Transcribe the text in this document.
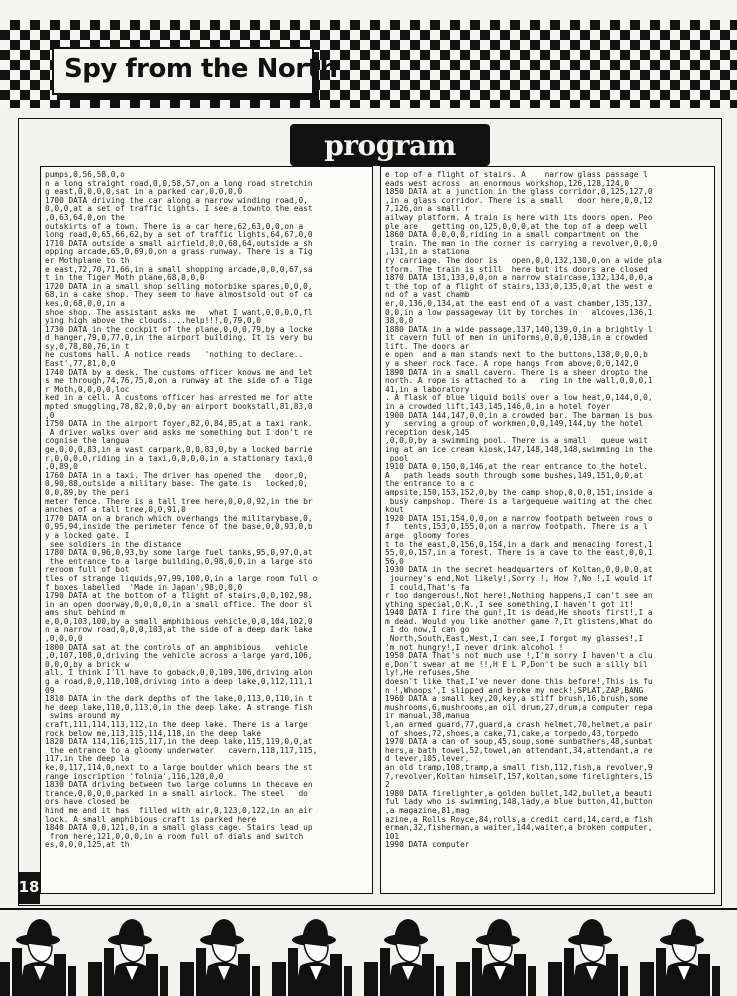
Spy from the North
program
pumps,0,56,58,0,o
n a long straight road,0,0,58,57,on a long road stretchin
g east,0,0,0,0,sat in a parked car,0,0,0,0
1700 DATA driving the car along a narrow winding road,0,
0,0,0,at a set of traffic lights. I see a townto the east
,0,63,64,0,on the
outskirts of a town. There is a car here,62,63,0,0,on a
long road,0,65,66,62,by a set of traffic lights,64,67,0,0
1710 DATA outside a small airfield,0,0,68,64,outside a sh
opping arcade,65,0,69,0,on a grass runway. There is a Tig
er Mothplane to th
e east,72,70,71,66,in a small shopping arcade,0,0,0,67,sa
t in the Tiger Moth plane,68,0,0,0
1720 DATA in a small shop selling motorbike spares,0,0,0,
68,in a cake shop. They seem to have almostsold out of ca
kes,0,68,0,0,in a
shoe shop. The assistant asks me   what I want,0,0,0,0,fl
ying high above the clouds....help!!!,0,79,0,0
1730 DATA in the cockpit of the plane,0,0,0,79,by a locke
d hanger,79,0,77,0,in the airport building. It is very bu
sy,0,78,80,76,in t
he customs hall. A notice reads   'nothing to declare..
East',77,81,0,0
1740 DATA by a desk. The customs officer knows me and let
s me through,74,76,75,0,on a runway at the side of a Tige
r Moth,0,0,0,0,loc
ked in a cell. A customs officer has arrested me for atte
mpted smuggling,78,82,0,0,by an airport bookstall,81,83,0
,0
1750 DATA in the airport foyer,82,0,84,85,at a taxi rank.
A driver walks over and asks me something but I don't re
cognise the langua
ge,0,0,0,83,in a vast carpark,0,0,83,0,by a locked barrie
r,0,0,0,0,riding in a taxi,0,0,0,0,in a stationary taxi,0
,0,89,0
1760 DATA in a taxi. The driver has opened the   door,0,
0,90,88,outside a military base. The gate is   locked,0,
0,0,89,by the peri
meter fence. There is a tall tree here,0,0,0,92,in the br
anches of a tall tree,0,0,91,0
1770 DATA on a branch which overhangs the militarybase,0,
0,95,94,inside the perimeter fence of the base,0,0,93,0,b
y a locked gate. I
see soldiers in the distance
1780 DATA 0,96,0,93,by some large fuel tanks,95,0,97,0,at
the entrance to a large building,0,98,0,0,in a large sto
reroom full of bot
tles of strange liquids,97,99,100,0,in a large room full o
f boxes labelled  'Made in Japan',98,0,0,0
1790 DATA at the bottom of a flight of stairs,0,0,102,98,
in an open doorway,0,0,0,0,in a small office. The door sl
ams shut behind m
e,0,0,103,100,by a small amphibious vehicle,0,0,104,102,0
n a narrow road,0,0,0,103,at the side of a deep dark lake
,0,0,0,0
1800 DATA sat at the controls of an amphibious   vehicle
,0,107,108,0,driving the vehicle across a large yard,106,
0,0,0,by a brick w
all. I think I'll have to goback,0,0,109,106,driving alon
g a road,0,0,110,108,driving into a deep lake,0,112,111,1
09
1810 DATA in the dark depths of the lake,0,113,0,110,in t
he deep lake,110,0,113,0,in the deep lake. A strange fish
swims around my
craft,111,114,113,112,in the deep lake. There is a large
rock below me,113,115,114,118,in the deep lake
1820 DATA 114,116,115,117,in the deep lake,115,119,0,0,at
the entrance to a gloomy underwater   cavern,118,117,115,
117,in the deep la
ke,0,117,114,0,next to a large boulder which bears the st
range inscription 'folnia',116,120,0,0
1830 DATA driving between two large columns in thecave en
trance,0,0,0,0,parked in a small airlock. The steel   do
ors have closed be
hind me and it has  filled with air,0,123,0,122,in an air
lock. A small amphibious craft is parked here
1840 DATA 0,0,121,0,in a small glass cage. Stairs lead up
from here,121,0,0,0,in a room full of dials and switch
es,0,0,0,125,at th
e top of a flight of stairs. A    narrow glass passage l
eads west across  an enormous workshop,126,128,124,0
1850 DATA at a junction in the glass corridor,0,125,127,0
,in a glass corridor. There is a small   door here,0,0,12
7,126,on a small r
ailway platform. A train is here with its doors open. Peo
ple are   getting on,125,0,0,0,at the top of a deep well
1860 DATA 0,0,0,0,riding in a small compartment on the
train. The man in the corner is carrying a revolver,0,0,0
,131,in a stationa
ry carriage. The door is   open,0,0,132,130,0,on a wide pla
tform. The train is still  here but its doors are closed
1870 DATA 131,133,0,0,on a narrow staircase,132,134,0,0,a
t the top of a flight of stairs,133,0,135,0,at the west e
nd of a vast chamb
er,0,136,0,134,at the east end of a vast chamber,135,137,
0,0,in a low passageway lit by torches in   alcoves,136,1
38,0,0
1880 DATA in a wide passage,137,140,139,0,in a brightly l
it cavern full of men in uniforms,0,0,0,138,in a crowded
lift. The doors ar
e open  and a man stands next to the buttons,138,0,0,0,b
y a sheer rock face. A rope hangs from above,0,0,142,0
1890 DATA in a small cavern. There is a sheer dropto the
north. A rope is attached to a   ring in the wall,0,0,0,1
41,in a laboratory
. A flask of blue liquid boils over a low heat,0,144,0,0,
in a crowded lift,143,145,146,0,in a hotel foyer
1900 DATA 144,147,0,0,in a crowded bar. The barman is bus
y   serving a group of workmen,0,0,149,144,by the hotel
reception desk,145
,0,0,0,by a swimming pool. There is a small   queue wait
ing at an ice cream kiosk,147,148,148,148,swimming in the
pool
1910 DATA 0,150,0,146,at the rear entrance to the hotel.
A   path leads south through some bushes,149,151,0,0,at
the entrance to a c
ampsite,150,153,152,0,by the camp shop,0,0,0,151,inside a
busy campshop. There is a largequeue waiting at the chec
kout
1920 DATA 151,154,0,0,on a narrow footpath between rows o
f   tents,153,0,155,0,on a narrow footpath. There is a l
arge  gloomy fores
t to the east,0,156,0,154,in a dark and menacing forest,1
55,0,0,157,in a forest. There is a cave to the east,0,0,1
56,0
1930 DATA in the secret headquarters of Koltan,0,0,0,0,at
journey's end,Not likely!,Sorry !, How ?,No !,I would if
I could,That's fa
r too dangerous!,Not here!,Nothing happens,I can't see an
ything special,O.K.,I see something,I haven't got it!
1940 DATA I fire the gun!,It is dead,He shoots first!,I a
m dead. Would you like another game ?,It glistens,What do
I do now,I can go
North,South,East,West,I can see,I forgot my glasses!,I
'm not hungry!,I never drink alcohol !
1950 DATA That's not much use !,I'm sorry I haven't a clu
e,Don't swear at me !!,H E L P,Don't be such a silly bil
ly!,He refuses,She
doesn't like that,I've never done this before!,This is fu
n !,Whoops',I slipped and broke my neck!,SPLAT,ZAP,BANG
1960 DATA a small key,20,key,a stiff brush,16,brush,some
mushrooms,6,mushrooms,an oil drum,27,drum,a computer repa
ir manual,38,manua
l,an armed guard,77,guard,a crash helmet,70,helmet,a pair
of shoes,72,shoes,a cake,71,cake,a torpedo,43,torpedo
1970 DATA a can of soup,45,soup,some sunbathers,48,sunbat
hers,a bath towel,52,towel,an attendant,34,attendant,a re
d lever,105,lever,
an old tramp,108,tramp,a small fish,112,fish,a revolver,9
7,revolver,Koltan himself,157,koltan,some firelighters,15
2
1980 DATA firelighter,a golden bullet,142,bullet,a beauti
ful lady who is swimming,148,lady,a blue button,41,button
,a magazine,81,mag
azine,a Rolls Royce,84,rolls,a credit card,14,card,a fish
erman,32,fisherman,a waiter,144,waiter,a broken computer,
101
1990 DATA computer
18
